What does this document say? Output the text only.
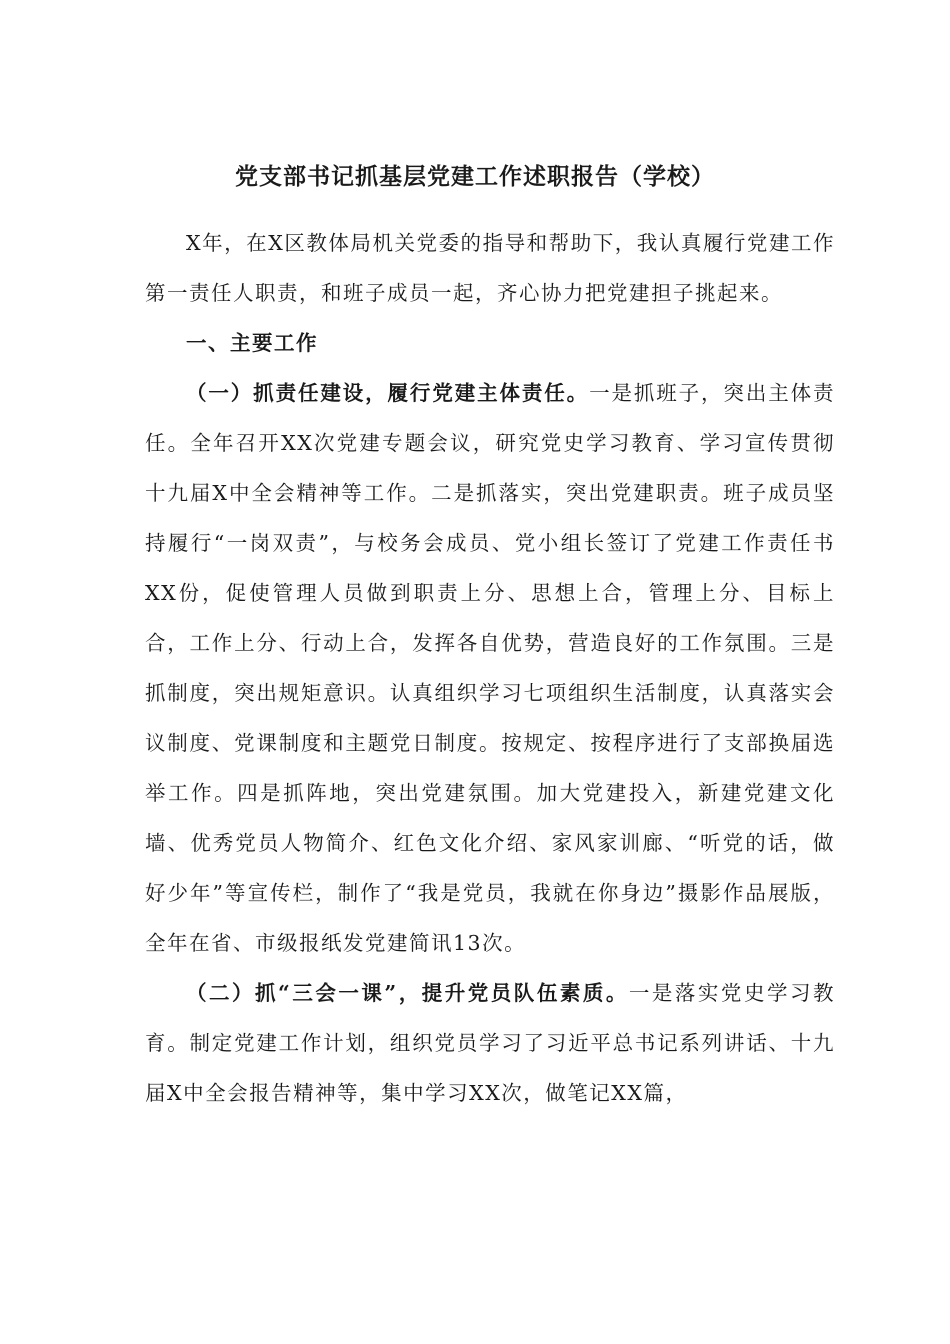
党支部书记抓基层党建工作述职报告（学校）

X年，在X区教体局机关党委的指导和帮助下，我认真履行党建工作第一责任人职责，和班子成员一起，齐心协力把党建担子挑起来。

一、主要工作

（一）抓责任建设，履行党建主体责任。一是抓班子，突出主体责任。全年召开XX次党建专题会议，研究党史学习教育、学习宣传贯彻十九届X中全会精神等工作。二是抓落实，突出党建职责。班子成员坚持履行“一岗双责”，与校务会成员、党小组长签订了党建工作责任书XX份，促使管理人员做到职责上分、思想上合，管理上分、目标上合，工作上分、行动上合，发挥各自优势，营造良好的工作氛围。三是抓制度，突出规矩意识。认真组织学习七项组织生活制度，认真落实会议制度、党课制度和主题党日制度。按规定、按程序进行了支部换届选举工作。四是抓阵地，突出党建氛围。加大党建投入，新建党建文化墙、优秀党员人物简介、红色文化介绍、家风家训廊、“听党的话，做好少年”等宣传栏，制作了“我是党员，我就在你身边”摄影作品展版，全年在省、市级报纸发党建简讯13次。

（二）抓“三会一课”，提升党员队伍素质。一是落实党史学习教育。制定党建工作计划，组织党员学习了习近平总书记系列讲话、十九届X中全会报告精神等，集中学习XX次，做笔记XX篇，
